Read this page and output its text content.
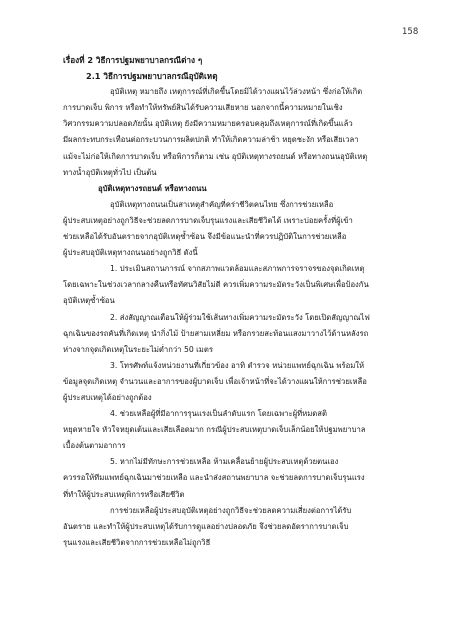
158
เรื่องที่ 2 วิธีการปฐมพยาบาลกรณีต่าง ๆ
2.1 วิธีการปฐมพยาบาลกรณีอุบัติเหตุ
อุบัติเหตุ หมายถึง เหตุการณ์ที่เกิดขึ้นโดยมิได้วางแผนไว้ล่วงหน้า ซึ่งก่อให้เกิด
การบาดเจ็บ พิการ หรือทำให้ทรัพย์สินได้รับความเสียหาย นอกจากนี้ความหมายในเชิง
วิศวกรรมความปลอดภัยนั้น อุบัติเหตุ ยังมีความหมายครอบคลุมถึงเหตุการณ์ที่เกิดขึ้นแล้ว
มีผลกระทบกระเทือนต่อกระบวนการผลิตปกติ ทำให้เกิดความล่าช้า หยุดชะงัก หรือเสียเวลา
แม้จะไม่ก่อให้เกิดการบาดเจ็บ หรือพิการก็ตาม เช่น อุบัติเหตุทางรถยนต์ หรือทางถนนอุบัติเหตุ
ทางน้ำอุบัติเหตุทั่วไป เป็นต้น
อุบัติเหตุทางรถยนต์ หรือทางถนน
อุบัติเหตุทางถนนเป็นสาเหตุสำคัญที่คร่าชีวิตคนไทย ซึ่งการช่วยเหลือ
ผู้ประสบเหตุอย่างถูกวิธีจะช่วยลดการบาดเจ็บรุนแรงและเสียชีวิตได้ เพราะบ่อยครั้งที่ผู้เข้า
ช่วยเหลือได้รับอันตรายจากอุบัติเหตุซ้ำซ้อน จึงมีข้อแนะนำที่ควรปฏิบัติในการช่วยเหลือ
ผู้ประสบอุบัติเหตุทางถนนอย่างถูกวิธี ดังนี้
1. ประเมินสถานการณ์ จากสภาพแวดล้อมและสภาพการจราจรของจุดเกิดเหตุ
โดยเฉพาะในช่วงเวลากลางคืนหรือทัศนวิสัยไม่ดี ควรเพิ่มความระมัดระวังเป็นพิเศษเพื่อป้องกัน
อุบัติเหตุซ้ำซ้อน
2. ส่งสัญญาณเตือนให้ผู้ร่วมใช้เส้นทางเพิ่มความระมัดระวัง โดยเปิดสัญญาณไฟ
ฉุกเฉินของรถคันที่เกิดเหตุ นำกิ่งไม้ ป้ายสามเหลี่ยม หรือกรวยสะท้อนแสงมาวางไว้ด้านหลังรถ
ห่างจากจุดเกิดเหตุในระยะไม่ต่ำกว่า 50 เมตร
3. โทรศัพท์แจ้งหน่วยงานที่เกี่ยวข้อง อาทิ ตำรวจ หน่วยแพทย์ฉุกเฉิน พร้อมให้
ข้อมูลจุดเกิดเหตุ จำนวนและอาการของผู้บาดเจ็บ เพื่อเจ้าหน้าที่จะได้วางแผนให้การช่วยเหลือ
ผู้ประสบเหตุได้อย่างถูกต้อง
4. ช่วยเหลือผู้ที่มีอาการรุนแรงเป็นลำดับแรก โดยเฉพาะผู้ที่หมดสติ
หยุดหายใจ หัวใจหยุดเต้นและเสียเลือดมาก กรณีผู้ประสบเหตุบาดเจ็บเล็กน้อยให้ปฐมพยาบาล
เบื้องต้นตามอาการ
5. หากไม่มีทักษะการช่วยเหลือ ห้ามเคลื่อนย้ายผู้ประสบเหตุด้วยตนเอง
ควรรอให้ทีมแพทย์ฉุกเฉินมาช่วยเหลือ และนำส่งสถานพยาบาล จะช่วยลดการบาดเจ็บรุนแรง
ที่ทำให้ผู้ประสบเหตุพิการหรือเสียชีวิต
การช่วยเหลือผู้ประสบอุบัติเหตุอย่างถูกวิธีจะช่วยลดความเสี่ยงต่อการได้รับ
อันตราย และทำให้ผู้ประสบเหตุได้รับการดูแลอย่างปลอดภัย จึงช่วยลดอัตราการบาดเจ็บ
รุนแรงและเสียชีวิตจากการช่วยเหลือไม่ถูกวิธี
